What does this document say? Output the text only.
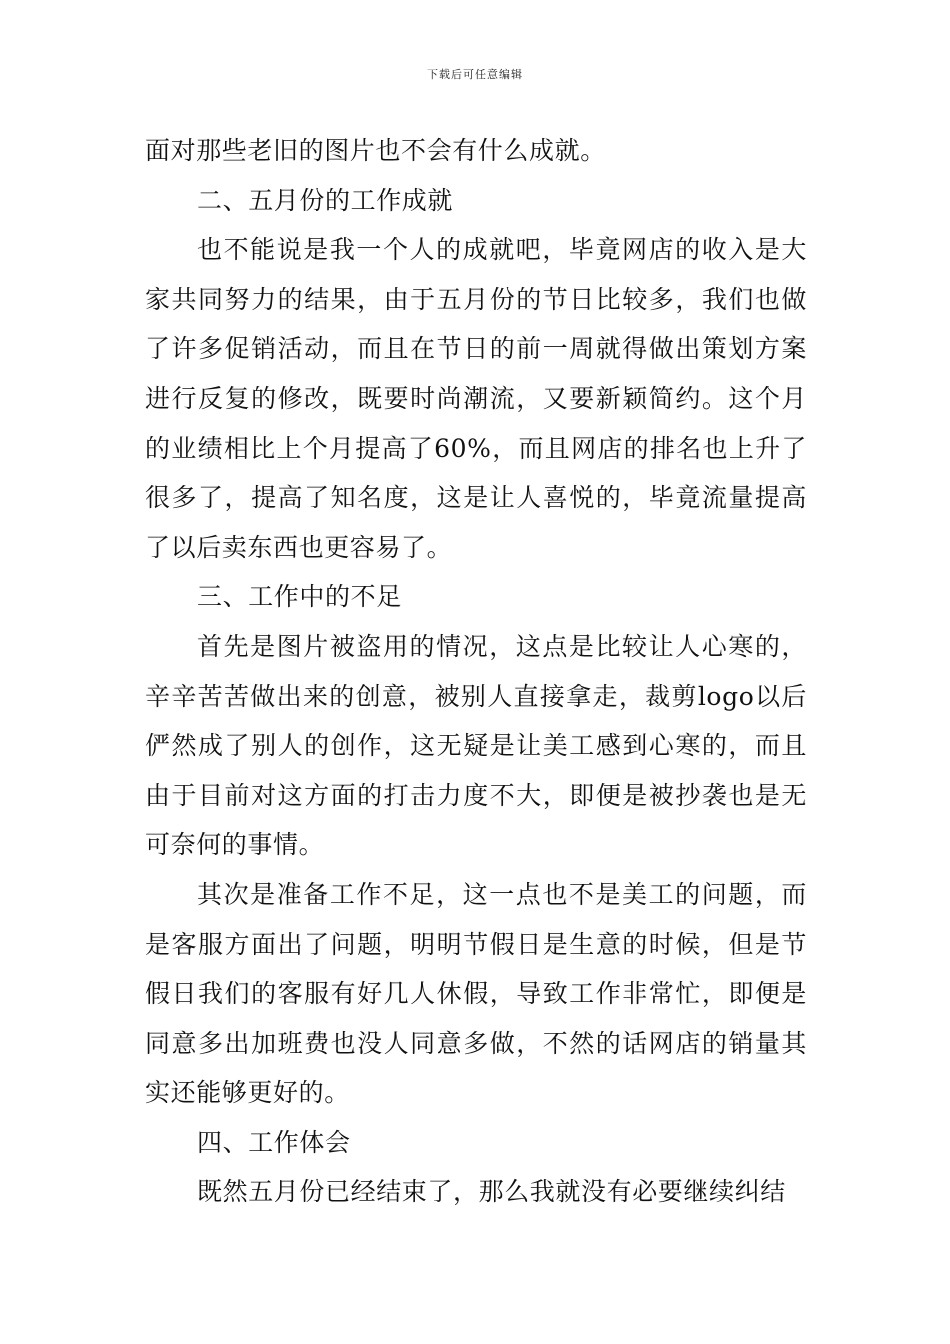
下载后可任意编辑

面对那些老旧的图片也不会有什么成就。

二、五月份的工作成就

也不能说是我一个人的成就吧，毕竟网店的收入是大家共同努力的结果，由于五月份的节日比较多，我们也做了许多促销活动，而且在节日的前一周就得做出策划方案进行反复的修改，既要时尚潮流，又要新颖简约。这个月的业绩相比上个月提高了60%，而且网店的排名也上升了很多了，提高了知名度，这是让人喜悦的，毕竟流量提高了以后卖东西也更容易了。

三、工作中的不足

首先是图片被盗用的情况，这点是比较让人心寒的，辛辛苦苦做出来的创意，被别人直接拿走，裁剪logo以后俨然成了别人的创作，这无疑是让美工感到心寒的，而且由于目前对这方面的打击力度不大，即便是被抄袭也是无可奈何的事情。

其次是准备工作不足，这一点也不是美工的问题，而是客服方面出了问题，明明节假日是生意的时候，但是节假日我们的客服有好几人休假，导致工作非常忙，即便是同意多出加班费也没人同意多做，不然的话网店的销量其实还能够更好的。

四、工作体会

既然五月份已经结束了，那么我就没有必要继续纠结
